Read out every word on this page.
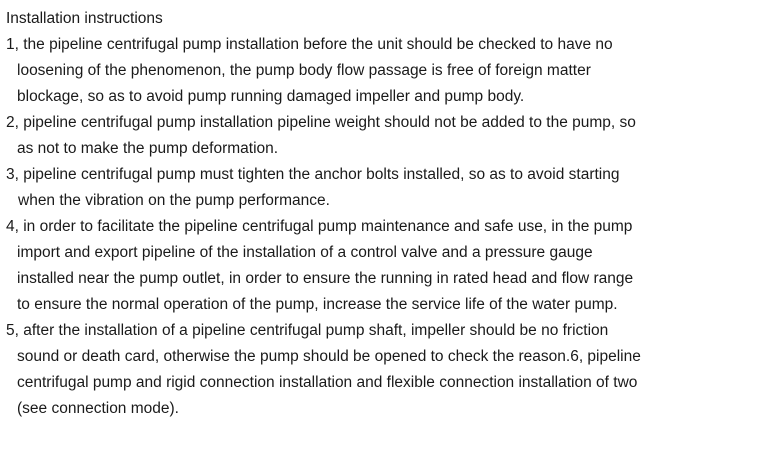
Installation instructions

1, the pipeline centrifugal pump installation before the unit should be checked to have no
loosening of the phenomenon, the pump body flow passage is free of foreign matter
blockage, so as to avoid pump running damaged impeller and pump body.

2, pipeline centrifugal pump installation pipeline weight should not be added to the pump, so
as not to make the pump deformation.

3, pipeline centrifugal pump must tighten the anchor bolts installed, so as to avoid starting
when the vibration on the pump performance.

4, in order to facilitate the pipeline centrifugal pump maintenance and safe use, in the pump
import and export pipeline of the installation of a control valve and a pressure gauge
installed near the pump outlet, in order to ensure the running in rated head and flow range
to ensure the normal operation of the pump, increase the service life of the water pump.

5, after the installation of a pipeline centrifugal pump shaft, impeller should be no friction
sound or death card, otherwise the pump should be opened to check the reason.6, pipeline
centrifugal pump and rigid connection installation and flexible connection installation of two
(see connection mode).
